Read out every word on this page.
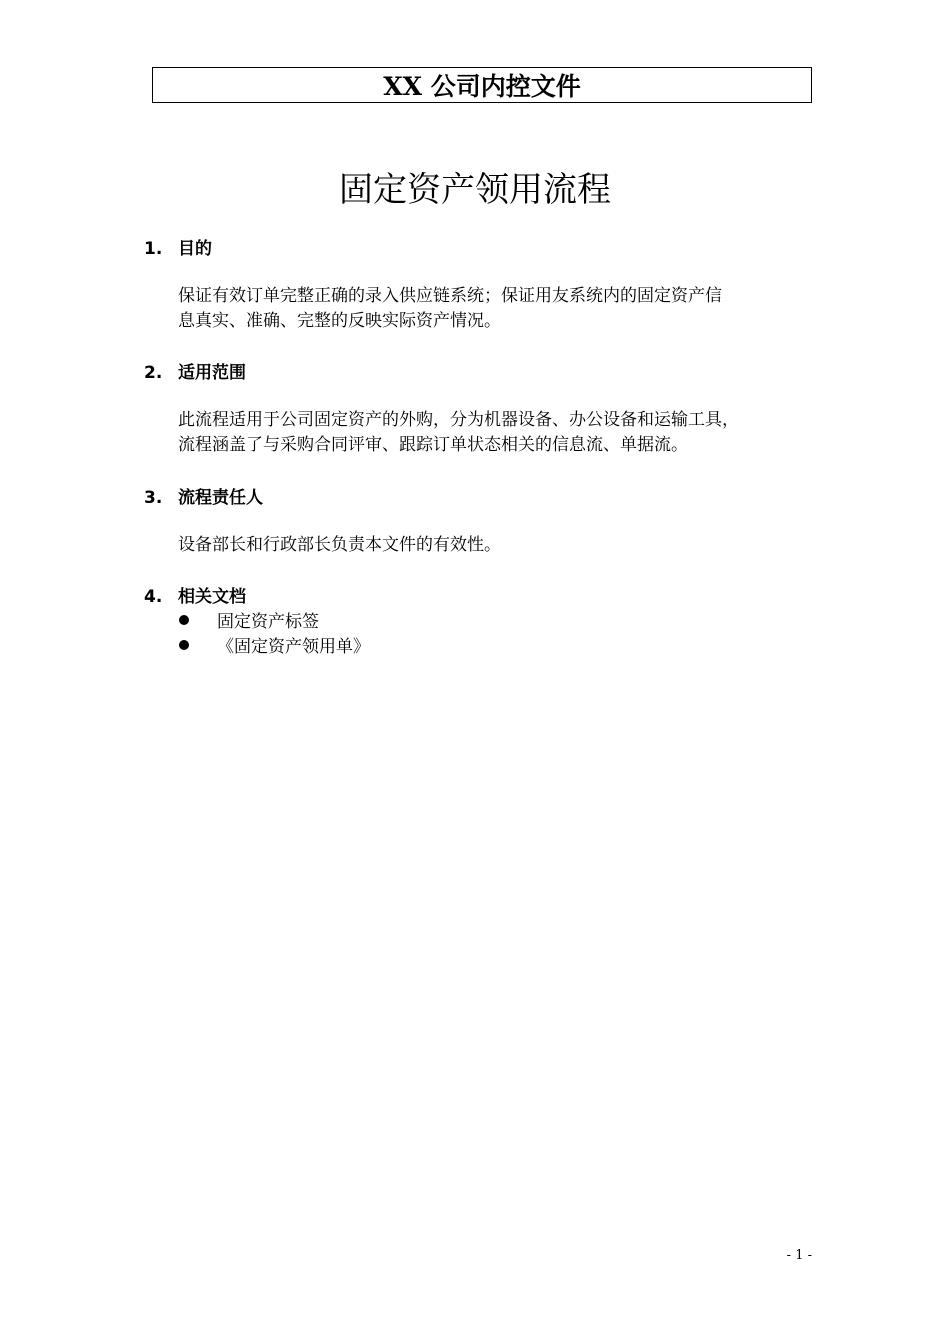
XX 公司内控文件
固定资产领用流程
1. 目的
保证有效订单完整正确的录入供应链系统；保证用友系统内的固定资产信
息真实、准确、完整的反映实际资产情况。
2. 适用范围
此流程适用于公司固定资产的外购，分为机器设备、办公设备和运输工具，
流程涵盖了与采购合同评审、跟踪订单状态相关的信息流、单据流。
3. 流程责任人
设备部长和行政部长负责本文件的有效性。
4. 相关文档
固定资产标签
《固定资产领用单》
- 1 -
